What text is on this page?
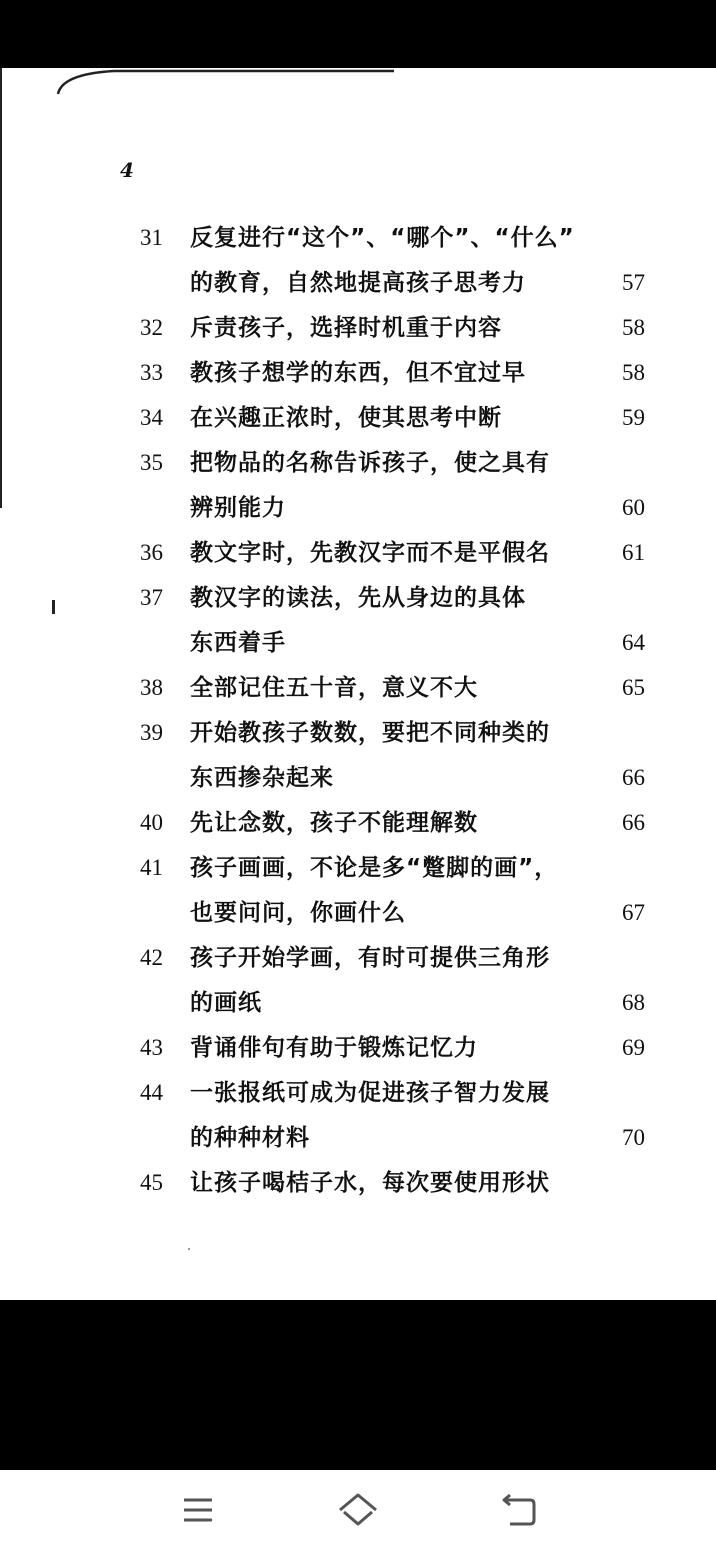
4
31	反复进行“这个”、“哪个”、“什么”
的教育，自然地提高孩子思考力	57
32	斥责孩子，选择时机重于内容	58
33	教孩子想学的东西，但不宜过早	58
34	在兴趣正浓时，使其思考中断	59
35	把物品的名称告诉孩子，使之具有
辨别能力	60
36	教文字时，先教汉字而不是平假名	61
37	教汉字的读法，先从身边的具体
东西着手	64
38	全部记住五十音，意义不大	65
39	开始教孩子数数，要把不同种类的
东西掺杂起来	66
40	先让念数，孩子不能理解数	66
41	孩子画画，不论是多“蹩脚的画”，
也要问问，你画什么	67
42	孩子开始学画，有时可提供三角形
的画纸	68
43	背诵俳句有助于锻炼记忆力	69
44	一张报纸可成为促进孩子智力发展
的种种材料	70
45	让孩子喝桔子水，每次要使用形状
